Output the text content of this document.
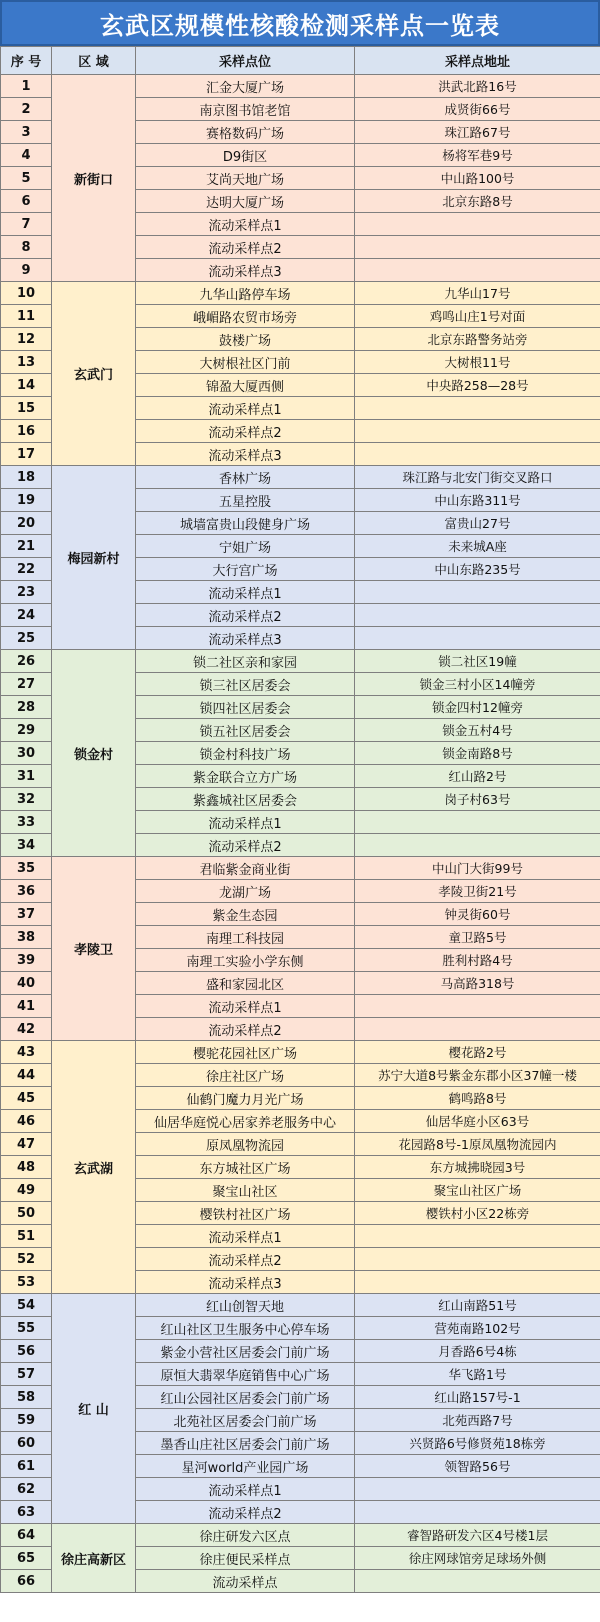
玄武区规模性核酸检测采样点一览表
序 号	区 域	采样点位	采样点地址
1	新街口	汇金大厦广场	洪武北路16号
2		南京图书馆老馆	成贤街66号
3		赛格数码广场	珠江路67号
4		D9街区	杨将军巷9号
5		艾尚天地广场	中山路100号
6		达明大厦广场	北京东路8号
7		流动采样点1	
8		流动采样点2	
9		流动采样点3	
10	玄武门	九华山路停车场	九华山17号
11		峨嵋路农贸市场旁	鸡鸣山庄1号对面
12		鼓楼广场	北京东路警务站旁
13		大树根社区门前	大树根11号
14		锦盈大厦西侧	中央路258—28号
15		流动采样点1	
16		流动采样点2	
17		流动采样点3	
18	梅园新村	香林广场	珠江路与北安门街交叉路口
19		五星控股	中山东路311号
20		城墙富贵山段健身广场	富贵山27号
21		宁姐广场	未来城A座
22		大行宫广场	中山东路235号
23		流动采样点1	
24		流动采样点2	
25		流动采样点3	
26	锁金村	锁二社区亲和家园	锁二社区19幢
27		锁三社区居委会	锁金三村小区14幢旁
28		锁四社区居委会	锁金四村12幢旁
29		锁五社区居委会	锁金五村4号
30		锁金村科技广场	锁金南路8号
31		紫金联合立方广场	红山路2号
32		紫鑫城社区居委会	岗子村63号
33		流动采样点1	
34		流动采样点2	
35	孝陵卫	君临紫金商业街	中山门大街99号
36		龙湖广场	孝陵卫街21号
37		紫金生态园	钟灵街60号
38		南理工科技园	童卫路5号
39		南理工实验小学东侧	胜利村路4号
40		盛和家园北区	马高路318号
41		流动采样点1	
42		流动采样点2	
43	玄武湖	樱驼花园社区广场	樱花路2号
44		徐庄社区广场	苏宁大道8号紫金东郡小区37幢一楼
45		仙鹤门魔力月光广场	鹤鸣路8号
46		仙居华庭悦心居家养老服务中心	仙居华庭小区63号
47		原凤凰物流园	花园路8号-1原凤凰物流园内
48		东方城社区广场	东方城拂晓园3号
49		聚宝山社区	聚宝山社区广场
50		樱铁村社区广场	樱铁村小区22栋旁
51		流动采样点1	
52		流动采样点2	
53		流动采样点3	
54	红 山	红山创智天地	红山南路51号
55		红山社区卫生服务中心停车场	营苑南路102号
56		紫金小营社区居委会门前广场	月香路6号4栋
57		原恒大翡翠华庭销售中心广场	华飞路1号
58		红山公园社区居委会门前广场	红山路157号-1
59		北苑社区居委会门前广场	北苑西路7号
60		墨香山庄社区居委会门前广场	兴贤路6号修贤苑18栋旁
61		星河world产业园广场	领智路56号
62		流动采样点1	
63		流动采样点2	
64	徐庄高新区	徐庄研发六区点	睿智路研发六区4号楼1层
65		徐庄便民采样点	徐庄网球馆旁足球场外侧
66		流动采样点	
